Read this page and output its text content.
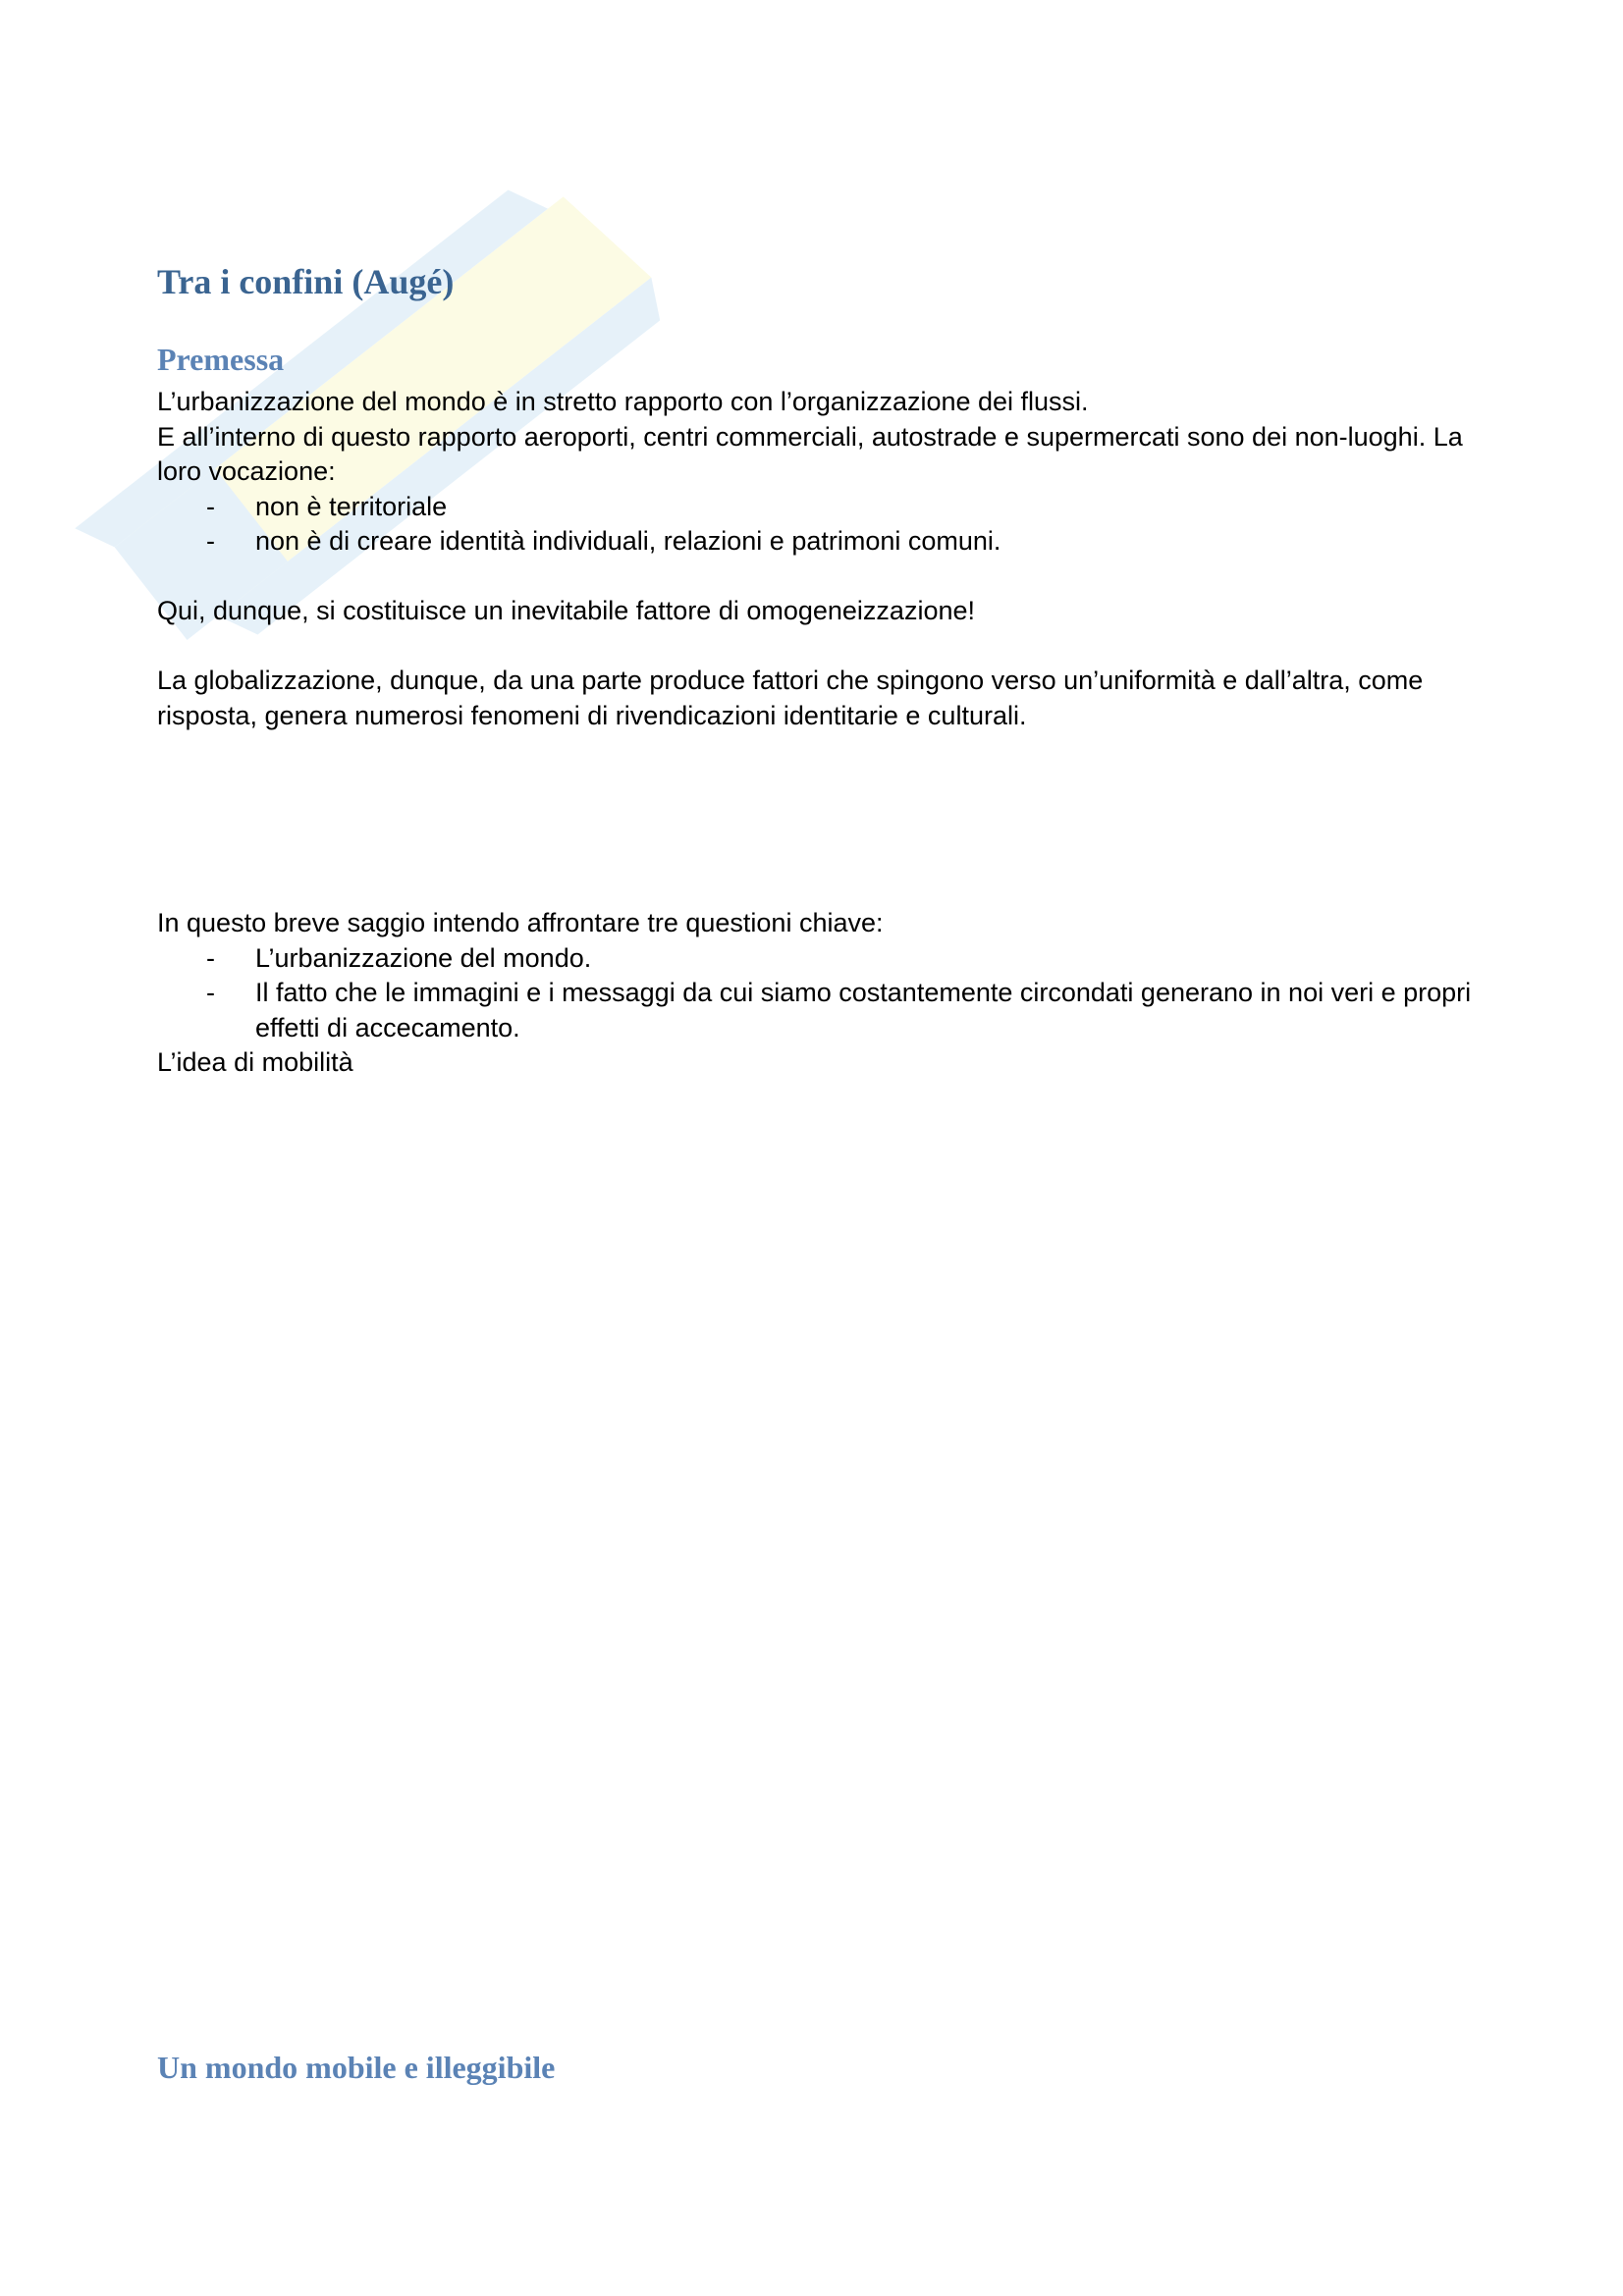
Tra i confini (Augé)
Premessa

L’urbanizzazione del mondo è in stretto rapporto con l’organizzazione dei flussi.

E all’interno di questo rapporto aeroporti, centri commerciali, autostrade e supermercati sono dei non-luoghi. La loro vocazione:

- non è territoriale
- non è di creare identità individuali, relazioni e patrimoni comuni.

Qui, dunque, si costituisce un inevitabile fattore di omogeneizzazione!

La globalizzazione, dunque, da una parte produce fattori che spingono verso un’uniformità e dall’altra, come risposta, genera numerosi fenomeni di rivendicazioni identitarie e culturali.

In questo breve saggio intendo affrontare tre questioni chiave:

- L’urbanizzazione del mondo.
- Il fatto che le immagini e i messaggi da cui siamo costantemente circondati generano in noi veri e propri effetti di accecamento.

L’idea di mobilità

Un mondo mobile e illeggibile
